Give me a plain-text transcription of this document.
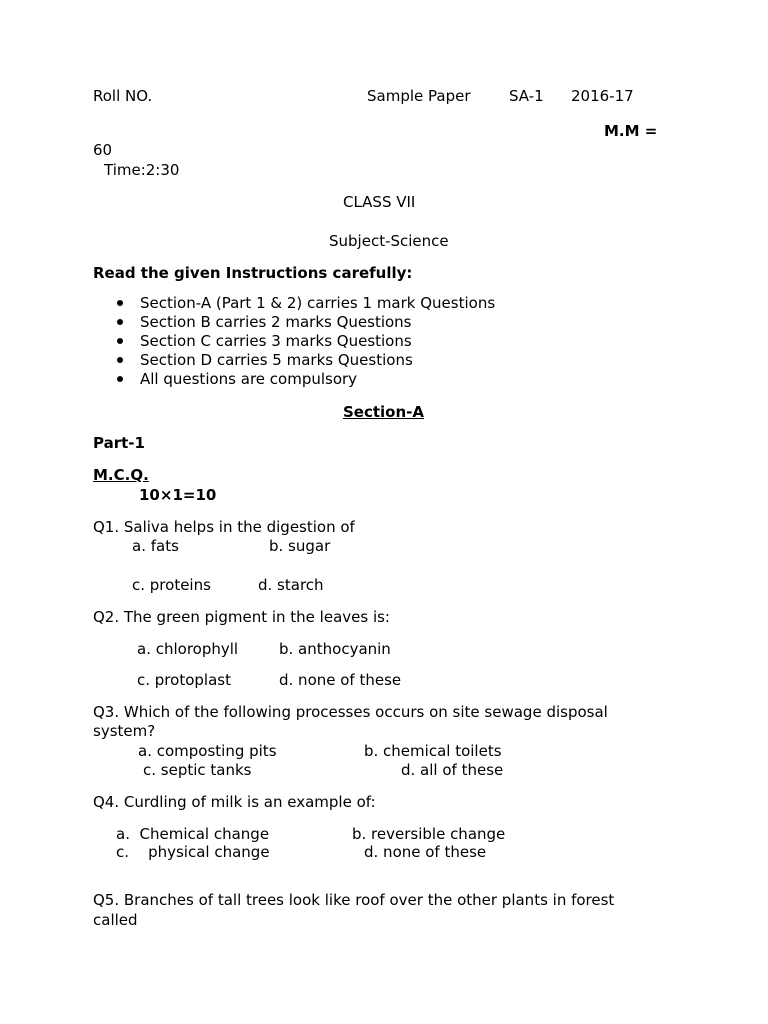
Roll NO.	Sample Paper	SA-1 2016-17
M.M =
60
Time:2:30
CLASS VII
Subject-Science
Read the given Instructions carefully:
Section-A (Part 1 & 2) carries 1 mark Questions
Section B carries 2 marks Questions
Section C carries 3 marks Questions
Section D carries 5 marks Questions
All questions are compulsory
Section-A
Part-1
M.C.Q.
10×1=10
Q1. Saliva helps in the digestion of
a. fats	b. sugar
c. proteins	d. starch
Q2. The green pigment in the leaves is:
a. chlorophyll	b. anthocyanin
c. protoplast	d. none of these
Q3. Which of the following processes occurs on site sewage disposal
system?
a. composting pits	b. chemical toilets
c. septic tanks	d. all of these
Q4. Curdling of milk is an example of:
a.  Chemical change	b. reversible change
c.    physical change	d. none of these
Q5. Branches of tall trees look like roof over the other plants in forest
called
